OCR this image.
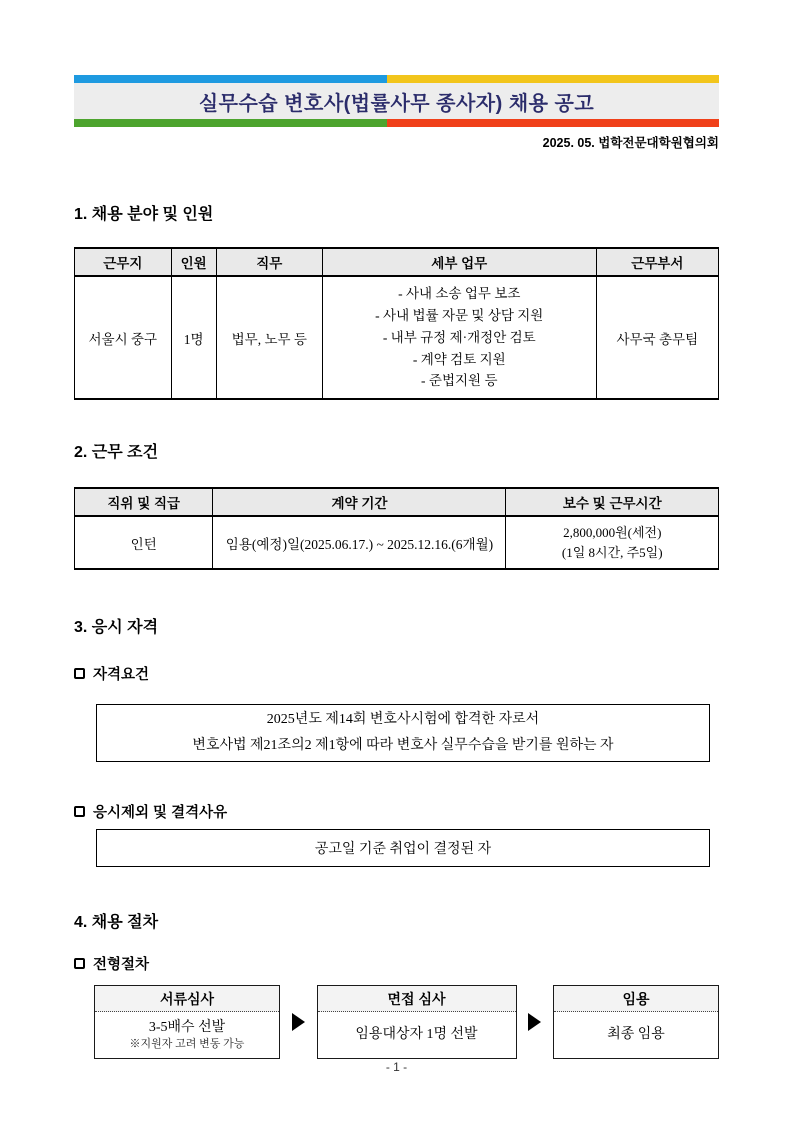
실무수습 변호사(법률사무 종사자) 채용 공고
2025. 05. 법학전문대학원협의회
1. 채용 분야 및 인원
근무지	인원	직무	세부 업무	근무부서
서울시 중구	1명	법무, 노무 등	- 사내 소송 업무 보조
- 사내 법률 자문 및 상담 지원
- 내부 규정 제·개정안 검토
- 계약 검토 지원
- 준법지원 등	사무국 총무팀
2. 근무 조건
직위 및 직급	계약 기간	보수 및 근무시간
인턴	임용(예정)일(2025.06.17.) ~ 2025.12.16.(6개월)	2,800,000원(세전)
(1일 8시간, 주5일)
3. 응시 자격
자격요건
2025년도 제14회 변호사시험에 합격한 자로서
변호사법 제21조의2 제1항에 따라 변호사 실무수습을 받기를 원하는 자
응시제외 및 결격사유
공고일 기준 취업이 결정된 자
4. 채용 절차
전형절차
서류심사
3-5배수 선발
※지원자 고려 변동 가능
면접 심사
임용대상자 1명 선발
임용
최종 임용
- 1 -
